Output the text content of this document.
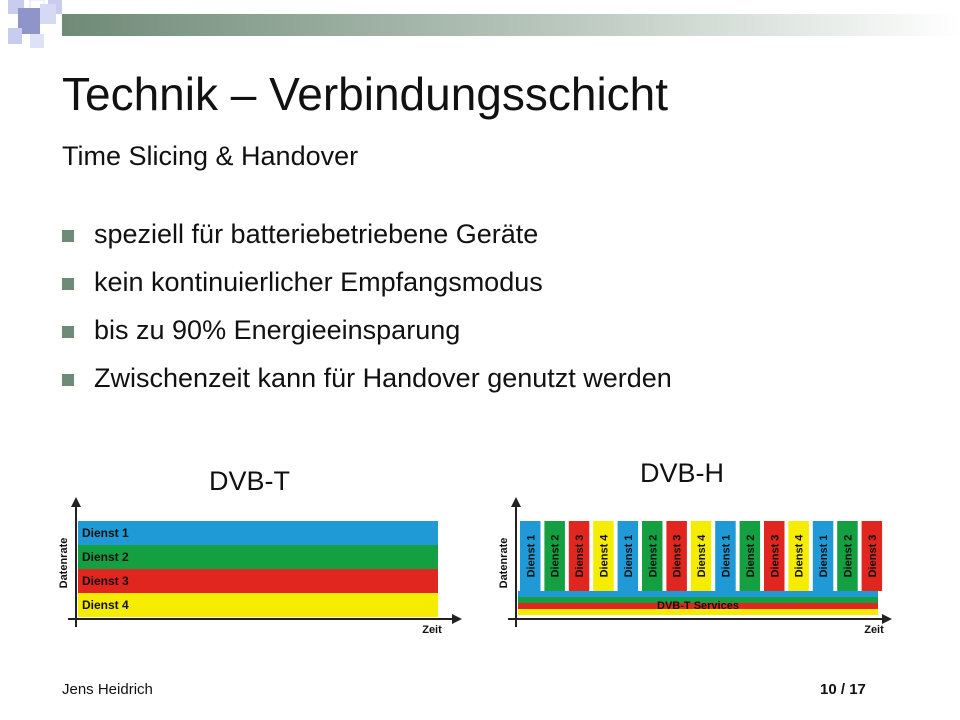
Technik – Verbindungsschicht
Time Slicing & Handover
speziell für batteriebetriebene Geräte
kein kontinuierlicher Empfangsmodus
bis zu 90% Energieeinsparung
Zwischenzeit kann für Handover genutzt werden
DVB-T	DVB-H
Dienst 1
Dienst 2
Dienst 3
Dienst 4
Datenrate
Zeit
Dienst 1 Dienst 2 Dienst 3 Dienst 4 Dienst 1 Dienst 2 Dienst 3 Dienst 4 Dienst 1 Dienst 2 Dienst 3 Dienst 4 Dienst 1 Dienst 2 Dienst 3
DVB-T Services
Datenrate
Zeit
Jens Heidrich	10 / 17
